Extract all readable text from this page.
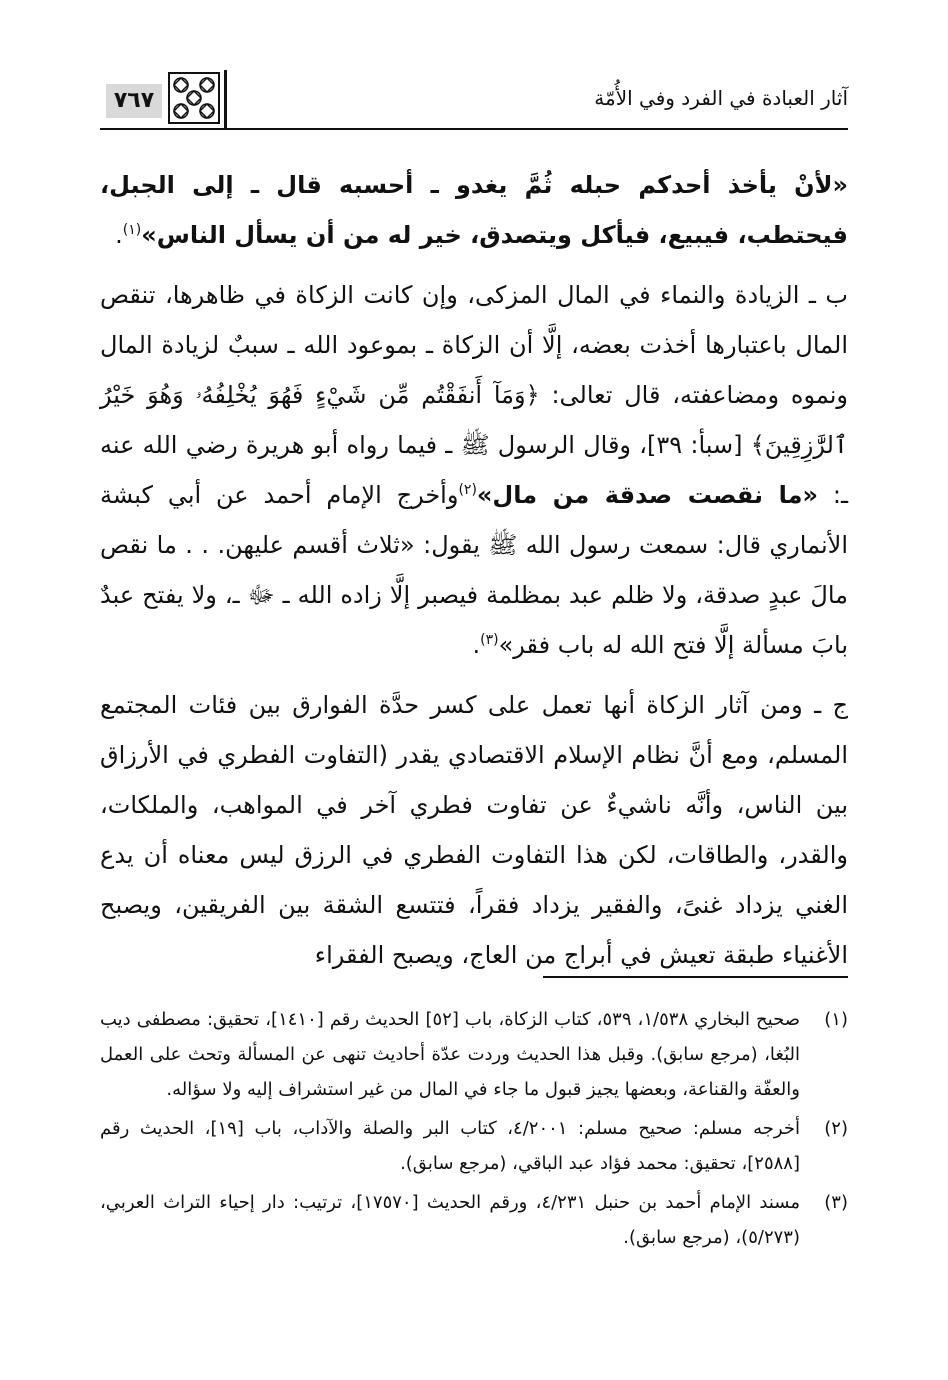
٧٦٧	آثار العبادة في الفرد وفي الأُمّة

«لأنْ يأخذ أحدكم حبله ثُمَّ يغدو ـ أحسبه قال ـ إلى الجبل، فيحتطب، فيبيع، فيأكل ويتصدق، خير له من أن يسأل الناس»$^{(١)}$.

ب ـ الزيادة والنماء في المال المزكى، وإن كانت الزكاة في ظاهرها، تنقص المال باعتبارها أخذت بعضه، إلَّا أن الزكاة ـ بموعود الله ـ سببٌ لزيادة المال ونموه ومضاعفته، قال تعالى: ﴿وَمَآ أَنفَقْتُم مِّن شَيْءٍ فَهُوَ يُخْلِفُهُۥ وَهُوَ خَيْرُ ٱلرَّٰزِقِينَ﴾ [سبأ: ٣٩]، وقال الرسول ﷺ ـ فيما رواه أبو هريرة رضي الله عنه ـ: «ما نقصت صدقة من مال»$^{(٢)}$وأخرج الإمام أحمد عن أبي كبشة الأنماري قال: سمعت رسول الله ﷺ يقول: «ثلاث أقسم عليهن. . . ما نقص مالَ عبدٍ صدقة، ولا ظلم عبد بمظلمة فيصبر إلَّا زاده الله ـ ﷻ ـ، ولا يفتح عبدٌ بابَ مسألة إلَّا فتح الله له باب فقر»$^{(٣)}$.

ج ـ ومن آثار الزكاة أنها تعمل على كسر حدَّة الفوارق بين فئات المجتمع المسلم، ومع أنَّ نظام الإسلام الاقتصادي يقدر (التفاوت الفطري في الأرزاق بين الناس، وأنَّه ناشيءٌ عن تفاوت فطري آخر في المواهب، والملكات، والقدر، والطاقات، لكن هذا التفاوت الفطري في الرزق ليس معناه أن يدع الغني يزداد غنىً، والفقير يزداد فقراً، فتتسع الشقة بين الفريقين، ويصبح الأغنياء طبقة تعيش في أبراج من العاج، ويصبح الفقراء

(١)
صحيح البخاري ١/٥٣٨، ٥٣٩، كتاب الزكاة، باب [٥٢] الحديث رقم [١٤١٠]، تحقيق: مصطفى ديب البُغا، (مرجع سابق). وقبل هذا الحديث وردت عدّة أحاديث تنهى عن المسألة وتحث على العمل والعفّة والقناعة، وبعضها يجيز قبول ما جاء في المال من غير استشراف إليه ولا سؤاله.
(٢)
أخرجه مسلم: صحيح مسلم: ٤/٢٠٠١، كتاب البر والصلة والآداب، باب [١٩]، الحديث رقم [٢٥٨٨]، تحقيق: محمد فؤاد عبد الباقي، (مرجع سابق).
(٣)
مسند الإمام أحمد بن حنبل ٤/٢٣١، ورقم الحديث [١٧٥٧٠]، ترتيب: دار إحياء التراث العربي، (٥/٢٧٣)، (مرجع سابق).
